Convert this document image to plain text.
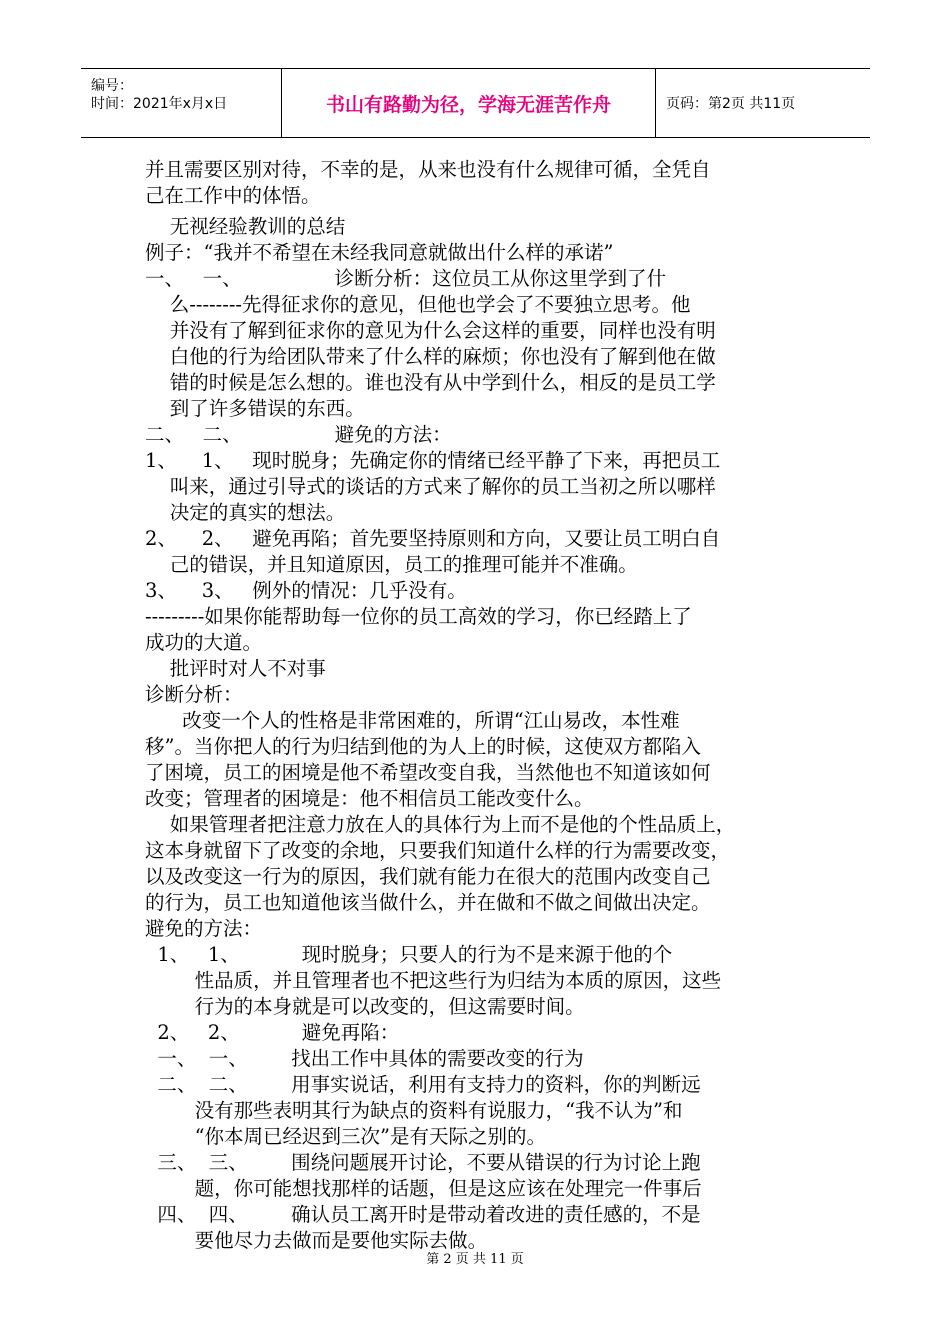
编号：
时间：2021年x月x日	书山有路勤为径，学海无涯苦作舟	页码：第2页 共11页
并且需要区别对待，不幸的是，从来也没有什么规律可循，全凭自
己在工作中的体悟。
无视经验教训的总结
例子：“我并不希望在未经我同意就做出什么样的承诺”
一、   一、               诊断分析：这位员工从你这里学到了什
么--------先得征求你的意见，但他也学会了不要独立思考。他
并没有了解到征求你的意见为什么会这样的重要，同样也没有明
白他的行为给团队带来了什么样的麻烦；你也没有了解到他在做
错的时候是怎么想的。谁也没有从中学到什么，相反的是员工学
到了许多错误的东西。
二、   二、               避免的方法：
1、    1、   现时脱身；先确定你的情绪已经平静了下来，再把员工
叫来，通过引导式的谈话的方式来了解你的员工当初之所以哪样
决定的真实的想法。
2、    2、   避免再陷；首先要坚持原则和方向，又要让员工明白自
己的错误，并且知道原因，员工的推理可能并不准确。
3、    3、   例外的情况：几乎没有。
---------如果你能帮助每一位你的员工高效的学习，你已经踏上了
成功的大道。
批评时对人不对事
诊断分析：
改变一个人的性格是非常困难的，所谓“江山易改，本性难
移”。当你把人的行为归结到他的为人上的时候，这使双方都陷入
了困境，员工的困境是他不希望改变自我，当然他也不知道该如何
改变；管理者的困境是：他不相信员工能改变什么。
如果管理者把注意力放在人的具体行为上而不是他的个性品质上，
这本身就留下了改变的余地，只要我们知道什么样的行为需要改变，
以及改变这一行为的原因，我们就有能力在很大的范围内改变自己
的行为，员工也知道他该当做什么，并在做和不做之间做出决定。
避免的方法：
1、   1、          现时脱身；只要人的行为不是来源于他的个
性品质，并且管理者也不把这些行为归结为本质的原因，这些
行为的本身就是可以改变的，但这需要时间。
2、   2、          避免再陷：
一、  一、       找出工作中具体的需要改变的行为
二、  二、       用事实说话，利用有支持力的资料，你的判断远
没有那些表明其行为缺点的资料有说服力，“我不认为”和
“你本周已经迟到三次”是有天际之别的。
三、  三、       围绕问题展开讨论，不要从错误的行为讨论上跑
题，你可能想找那样的话题，但是这应该在处理完一件事后
四、  四、       确认员工离开时是带动着改进的责任感的，不是
要他尽力去做而是要他实际去做。
第 2 页 共 11 页
